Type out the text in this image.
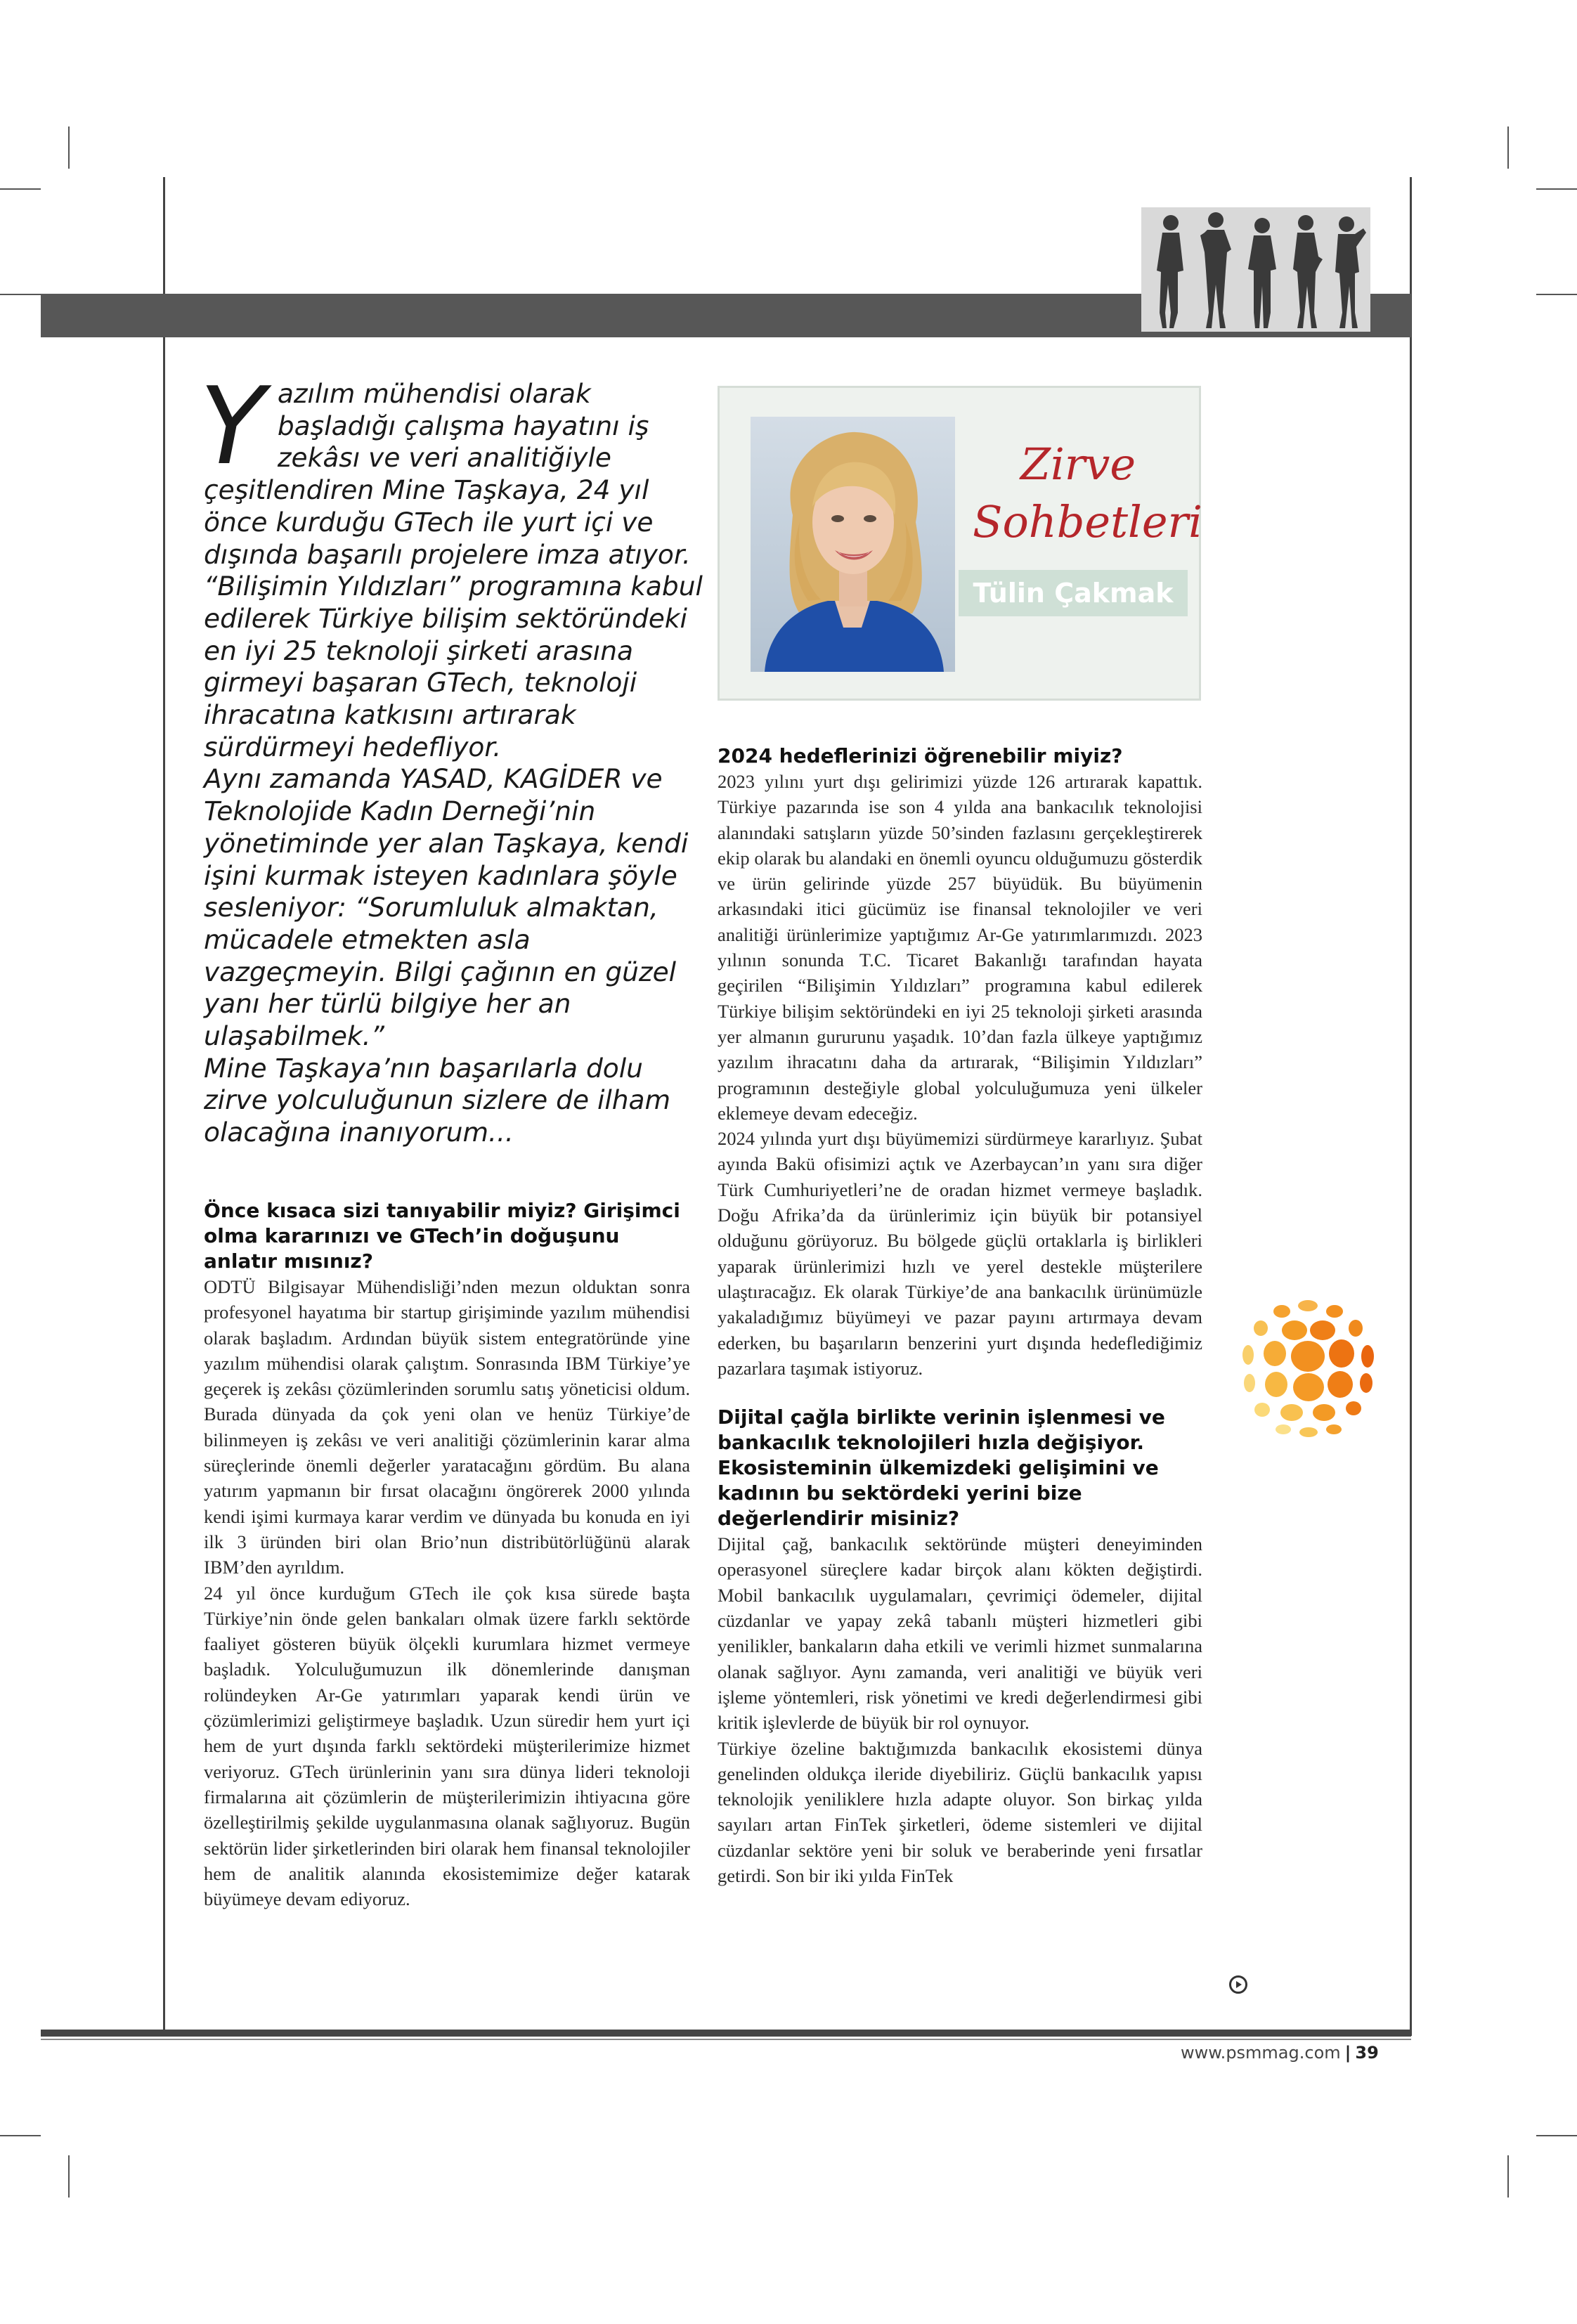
Y azılım mühendisi olarak başladığı çalışma hayatını iş zekâsı ve veri analitiğiyle çeşitlendiren Mine Taşkaya, 24 yıl önce kurduğu GTech ile yurt içi ve dışında başarılı projelere imza atıyor. “Bilişimin Yıldızları” programına kabul edilerek Türkiye bilişim sektöründeki en iyi 25 teknoloji şirketi arasına girmeyi başaran GTech, teknoloji ihracatına katkısını artırarak sürdürmeyi hedefliyor.

Aynı zamanda YASAD, KAGİDER ve Teknolojide Kadın Derneği’nin yönetiminde yer alan Taşkaya, kendi işini kurmak isteyen kadınlara şöyle sesleniyor: “Sorumluluk almaktan, mücadele etmekten asla vazgeçmeyin. Bilgi çağının en güzel yanı her türlü bilgiye her an ulaşabilmek.”

Mine Taşkaya’nın başarılarla dolu zirve yolculuğunun sizlere de ilham olacağına inanıyorum...

Zirve
Sohbetleri
Tülin Çakmak

Önce kısaca sizi tanıyabilir miyiz? Girişimci olma kararınızı ve GTech’in doğuşunu anlatır mısınız?

ODTÜ Bilgisayar Mühendisliği’nden mezun olduktan sonra profesyonel hayatıma bir startup girişiminde yazılım mühendisi olarak başladım. Ardından büyük sistem entegratöründe yine yazılım mühendisi olarak çalıştım. Sonrasında IBM Türkiye’ye geçerek iş zekâsı çözümlerinden sorumlu satış yöneticisi oldum. Burada dünyada da çok yeni olan ve henüz Türkiye’de bilinmeyen iş zekâsı ve veri analitiği çözümlerinin karar alma süreçlerinde önemli değerler yaratacağını gördüm. Bu alana yatırım yapmanın bir fırsat olacağını öngörerek 2000 yılında kendi işimi kurmaya karar verdim ve dünyada bu konuda en iyi ilk 3 üründen biri olan Brio’nun distribütörlüğünü alarak IBM’den ayrıldım.

24 yıl önce kurduğum GTech ile çok kısa sürede başta Türkiye’nin önde gelen bankaları olmak üzere farklı sektörde faaliyet gösteren büyük ölçekli kurumlara hizmet vermeye başladık. Yolculuğumuzun ilk dönemlerinde danışman rolündeyken Ar-Ge yatırımları yaparak kendi ürün ve çözümlerimizi geliştirmeye başladık. Uzun süredir hem yurt içi hem de yurt dışında farklı sektördeki müşterilerimize hizmet veriyoruz. GTech ürünlerinin yanı sıra dünya lideri teknoloji firmalarına ait çözümlerin de müşterilerimizin ihtiyacına göre özelleştirilmiş şekilde uygulanmasına olanak sağlıyoruz. Bugün sektörün lider şirketlerinden biri olarak hem finansal teknolojiler hem de analitik alanında ekosistemimize değer katarak büyümeye devam ediyoruz.

2024 hedeflerinizi öğrenebilir miyiz?

2023 yılını yurt dışı gelirimizi yüzde 126 artırarak kapattık. Türkiye pazarında ise son 4 yılda ana bankacılık teknolojisi alanındaki satışların yüzde 50’sinden fazlasını gerçekleştirerek ekip olarak bu alandaki en önemli oyuncu olduğumuzu gösterdik ve ürün gelirinde yüzde 257 büyüdük. Bu büyümenin arkasındaki itici gücümüz ise finansal teknolojiler ve veri analitiği ürünlerimize yaptığımız Ar-Ge yatırımlarımızdı. 2023 yılının sonunda T.C. Ticaret Bakanlığı tarafından hayata geçirilen “Bilişimin Yıldızları” programına kabul edilerek Türkiye bilişim sektöründeki en iyi 25 teknoloji şirketi arasında yer almanın gururunu yaşadık. 10’dan fazla ülkeye yaptığımız yazılım ihracatını daha da artırarak, “Bilişimin Yıldızları” programının desteğiyle global yolculuğumuza yeni ülkeler eklemeye devam edeceğiz.

2024 yılında yurt dışı büyümemizi sürdürmeye kararlıyız. Şubat ayında Bakü ofisimizi açtık ve Azerbaycan’ın yanı sıra diğer Türk Cumhuriyetleri’ne de oradan hizmet vermeye başladık. Doğu Afrika’da da ürünlerimiz için büyük bir potansiyel olduğunu görüyoruz. Bu bölgede güçlü ortaklarla iş birlikleri yaparak ürünlerimizi hızlı ve yerel destekle müşterilere ulaştıracağız. Ek olarak Türkiye’de ana bankacılık ürünümüzle yakaladığımız büyümeyi ve pazar payını artırmaya devam ederken, bu başarıların benzerini yurt dışında hedeflediğimiz pazarlara taşımak istiyoruz.

Dijital çağla birlikte verinin işlenmesi ve bankacılık teknolojileri hızla değişiyor. Ekosisteminin ülkemizdeki gelişimini ve kadının bu sektördeki yerini bize değerlendirir misiniz?

Dijital çağ, bankacılık sektöründe müşteri deneyiminden operasyonel süreçlere kadar birçok alanı kökten değiştirdi. Mobil bankacılık uygulamaları, çevrimiçi ödemeler, dijital cüzdanlar ve yapay zekâ tabanlı müşteri hizmetleri gibi yenilikler, bankaların daha etkili ve verimli hizmet sunmalarına olanak sağlıyor. Aynı zamanda, veri analitiği ve büyük veri işleme yöntemleri, risk yönetimi ve kredi değerlendirmesi gibi kritik işlevlerde de büyük bir rol oynuyor.

Türkiye özeline baktığımızda bankacılık ekosistemi dünya genelinden oldukça ileride diyebiliriz. Güçlü bankacılık yapısı teknolojik yeniliklere hızla adapte oluyor. Son birkaç yılda sayıları artan FinTek şirketleri, ödeme sistemleri ve dijital cüzdanlar sektöre yeni bir soluk ve beraberinde yeni fırsatlar getirdi. Son bir iki yılda FinTek

www.psmmag.com | 39
